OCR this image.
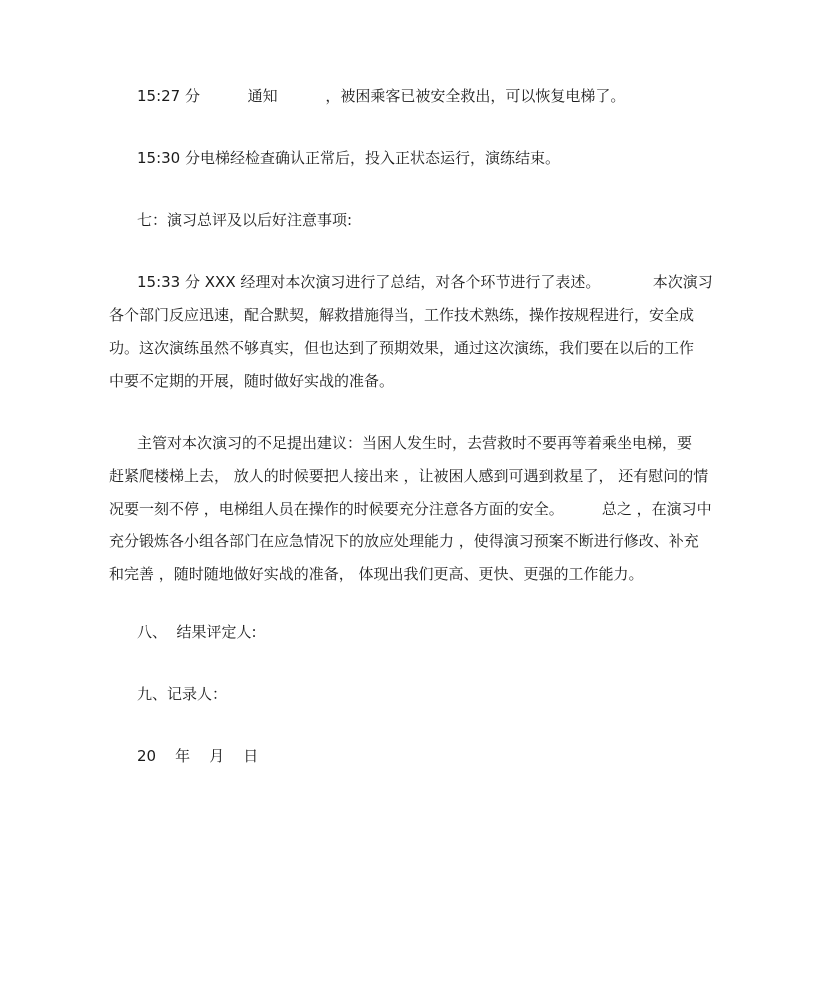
15:27 分          通知          ，被困乘客已被安全救出，可以恢复电梯了。
15:30 分电梯经检查确认正常后，投入正状态运行，演练结束。
七：演习总评及以后好注意事项:
15:33 分 XXX 经理对本次演习进行了总结，对各个环节进行了表述。           本次演习
各个部门反应迅速，配合默契，解救措施得当，工作技术熟练，操作按规程进行，安全成
功。这次演练虽然不够真实，但也达到了预期效果，通过这次演练，我们要在以后的工作
中要不定期的开展，随时做好实战的准备。
主管对本次演习的不足提出建议：当困人发生时，去营救时不要再等着乘坐电梯，要
赶紧爬楼梯上去， 放人的时候要把人接出来 ，让被困人感到可遇到救星了， 还有慰问的情
况要一刻不停 ，电梯组人员在操作的时候要充分注意各方面的安全。        总之 ，在演习中
充分锻炼各小组各部门在应急情况下的放应处理能力 ，使得演习预案不断进行修改、补充
和完善 ，随时随地做好实战的准备， 体现出我们更高、更快、更强的工作能力。
八、  结果评定人:
九、记录人：
20    年    月    日
